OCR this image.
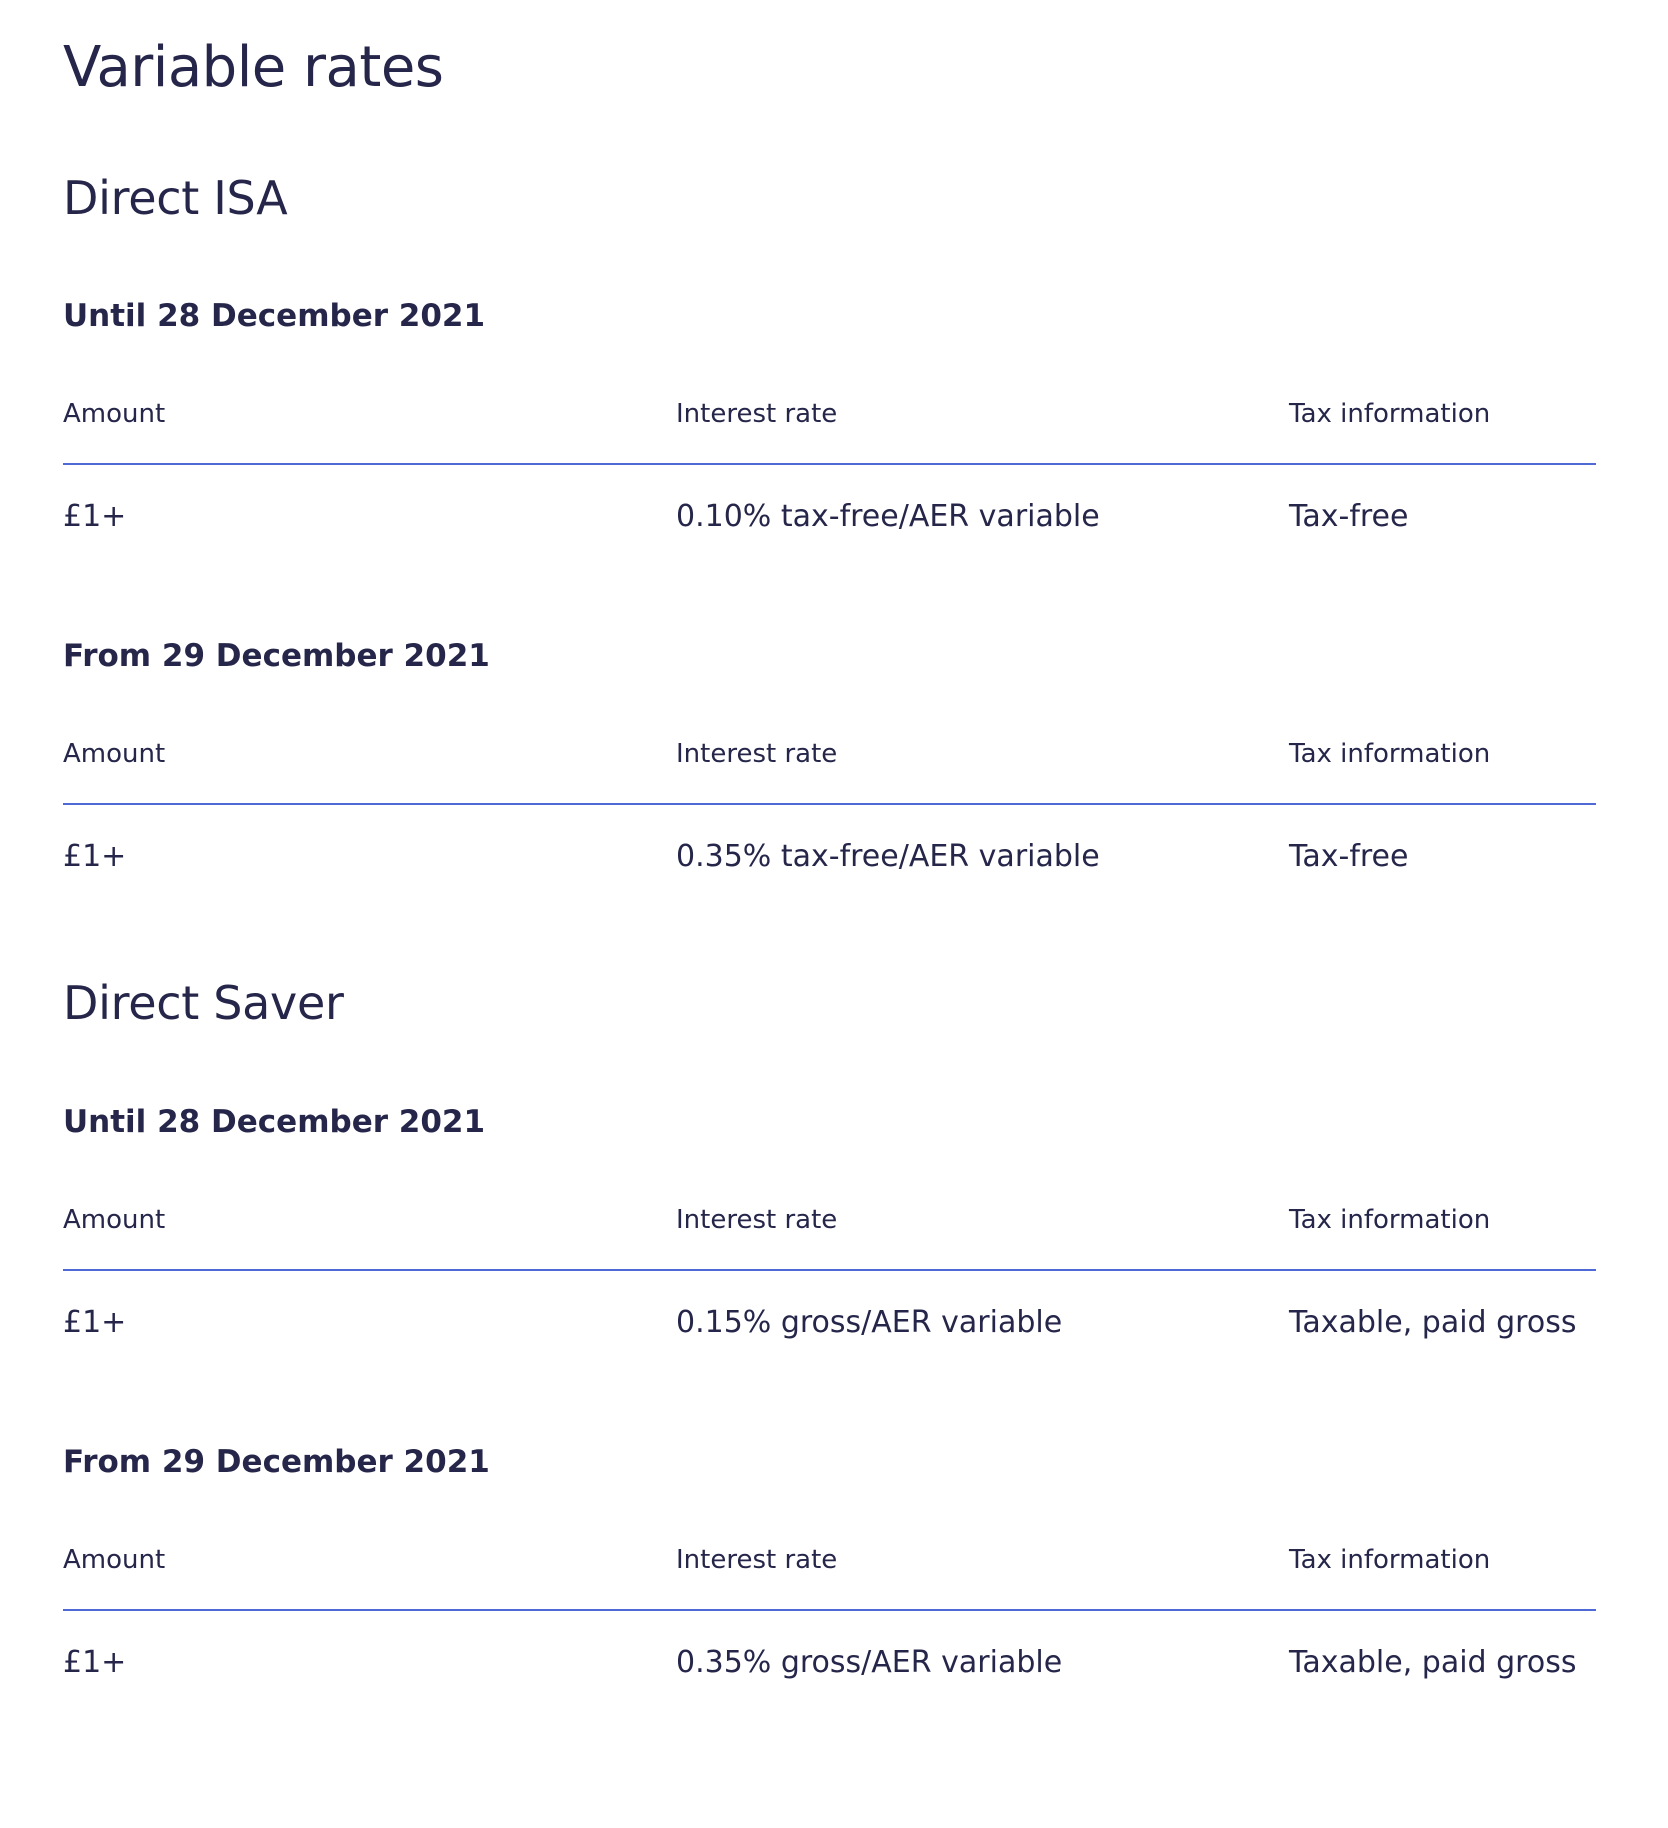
Variable rates
Direct ISA
Until 28 December 2021
Amount	Interest rate	Tax information
£1+	0.10% tax-free/AER variable	Tax-free
From 29 December 2021
Amount	Interest rate	Tax information
£1+	0.35% tax-free/AER variable	Tax-free
Direct Saver
Until 28 December 2021
Amount	Interest rate	Tax information
£1+	0.15% gross/AER variable	Taxable, paid gross
From 29 December 2021
Amount	Interest rate	Tax information
£1+	0.35% gross/AER variable	Taxable, paid gross
